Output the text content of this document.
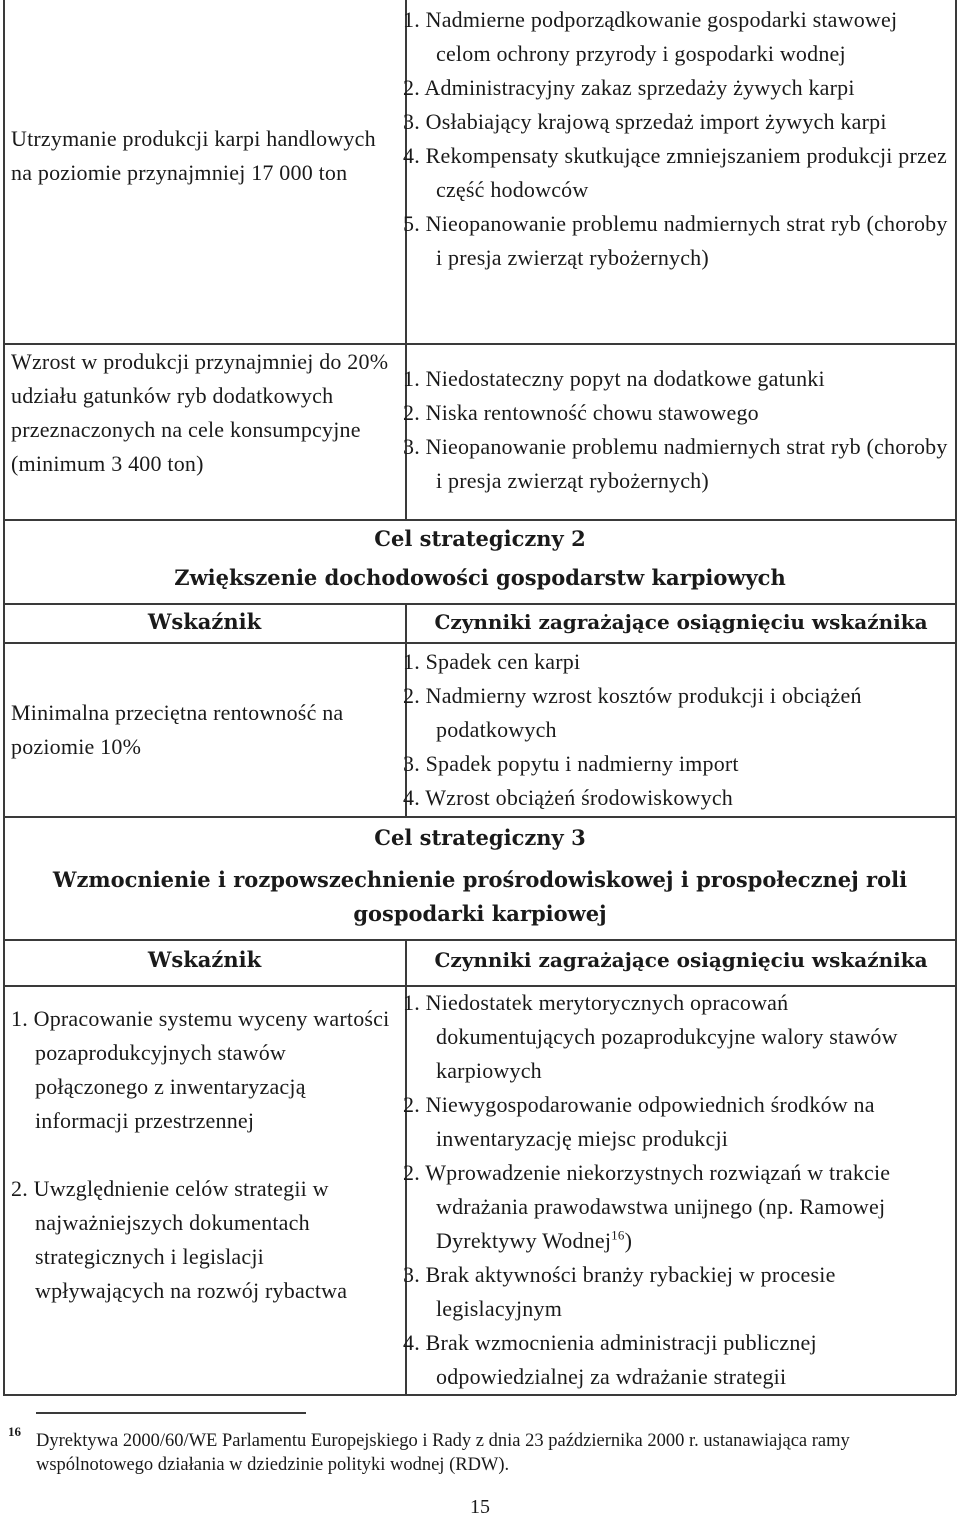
Utrzymanie produkcji karpi handlowych na poziomie przynajmniej 17 000 ton

1. Nadmierne podporządkowanie gospodarki stawowej celom ochrony przyrody i gospodarki wodnej

2. Administracyjny zakaz sprzedaży żywych karpi

3. Osłabiający krajową sprzedaż import żywych karpi

4. Rekompensaty skutkujące zmniejszaniem produkcji przez część hodowców

5. Nieopanowanie problemu nadmiernych strat ryb (choroby i presja zwierząt rybożernych)

Wzrost w produkcji przynajmniej do 20% udziału gatunków ryb dodatkowych przeznaczonych na cele konsumpcyjne (minimum 3 400 ton)

1. Niedostateczny popyt na dodatkowe gatunki

2. Niska rentowność chowu stawowego

3. Nieopanowanie problemu nadmiernych strat ryb (choroby i presja zwierząt rybożernych)

Cel strategiczny 2
Zwiększenie dochodowości gospodarstw karpiowych
Wskaźnik	Czynniki zagrażające osiągnięciu wskaźnika
Minimalna przeciętna rentowność na poziomie 10%

1. Spadek cen karpi

2. Nadmierny wzrost kosztów produkcji i obciążeń podatkowych

3. Spadek popytu i nadmierny import

4. Wzrost obciążeń środowiskowych

Cel strategiczny 3
Wzmocnienie i rozpowszechnienie prośrodowiskowej i prospołecznej roli gospodarki karpiowej
Wskaźnik	Czynniki zagrażające osiągnięciu wskaźnika

1. Opracowanie systemu wyceny wartości pozaprodukcyjnych stawów połączonego z inwentaryzacją informacji przestrzennej

2. Uwzględnienie celów strategii w najważniejszych dokumentach strategicznych i legislacji wpływających na rozwój rybactwa

1. Niedostatek merytorycznych opracowań dokumentujących pozaprodukcyjne walory stawów karpiowych

2. Niewygospodarowanie odpowiednich środków na inwentaryzację miejsc produkcji

2. Wprowadzenie niekorzystnych rozwiązań w trakcie wdrażania prawodawstwa unijnego (np. Ramowej Dyrektywy Wodnej$^{16}$)

3. Brak aktywności branży rybackiej w procesie legislacyjnym

4. Brak wzmocnienia administracji publicznej odpowiedzialnej za wdrażanie strategii

16 Dyrektywa 2000/60/WE Parlamentu Europejskiego i Rady z dnia 23 października 2000 r. ustanawiająca ramy wspólnotowego działania w dziedzinie polityki wodnej (RDW).
15
